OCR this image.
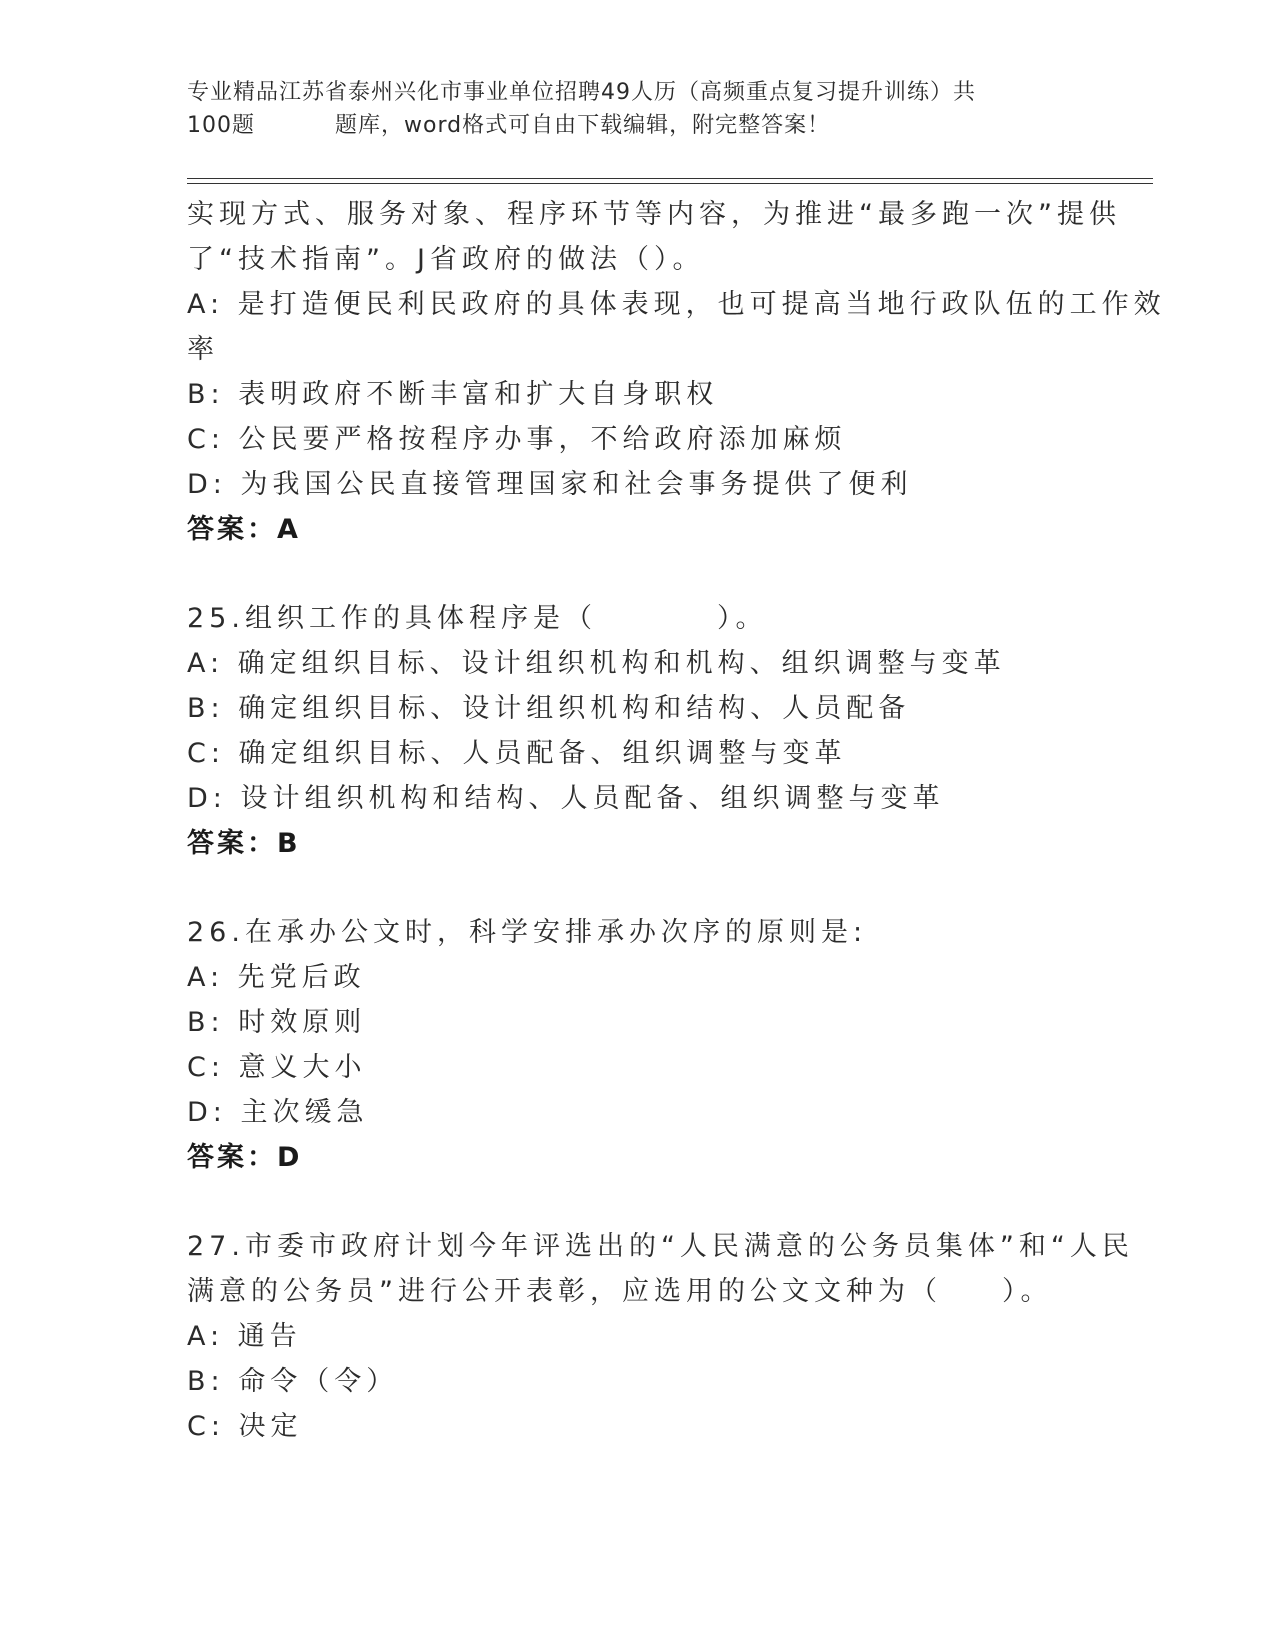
专业精品江苏省泰州兴化市事业单位招聘49人历（高频重点复习提升训练）共
100题	题库，word格式可自由下载编辑，附完整答案！
实现方式、服务对象、程序环节等内容，为推进“最多跑一次”提供
了“技术指南”。J省政府的做法（）。
A: 是打造便民利民政府的具体表现，也可提高当地行政队伍的工作效
率
B: 表明政府不断丰富和扩大自身职权
C: 公民要严格按程序办事，不给政府添加麻烦
D: 为我国公民直接管理国家和社会事务提供了便利
答案：A
25.组织工作的具体程序是（	）。
A: 确定组织目标、设计组织机构和机构、组织调整与变革
B: 确定组织目标、设计组织机构和结构、人员配备
C: 确定组织目标、人员配备、组织调整与变革
D: 设计组织机构和结构、人员配备、组织调整与变革
答案：B
26.在承办公文时，科学安排承办次序的原则是:
A: 先党后政
B: 时效原则
C: 意义大小
D: 主次缓急
答案：D
27.市委市政府计划今年评选出的“人民满意的公务员集体”和“人民
满意的公务员”进行公开表彰，应选用的公文文种为（ ）。
A: 通告
B: 命令（令）
C: 决定
